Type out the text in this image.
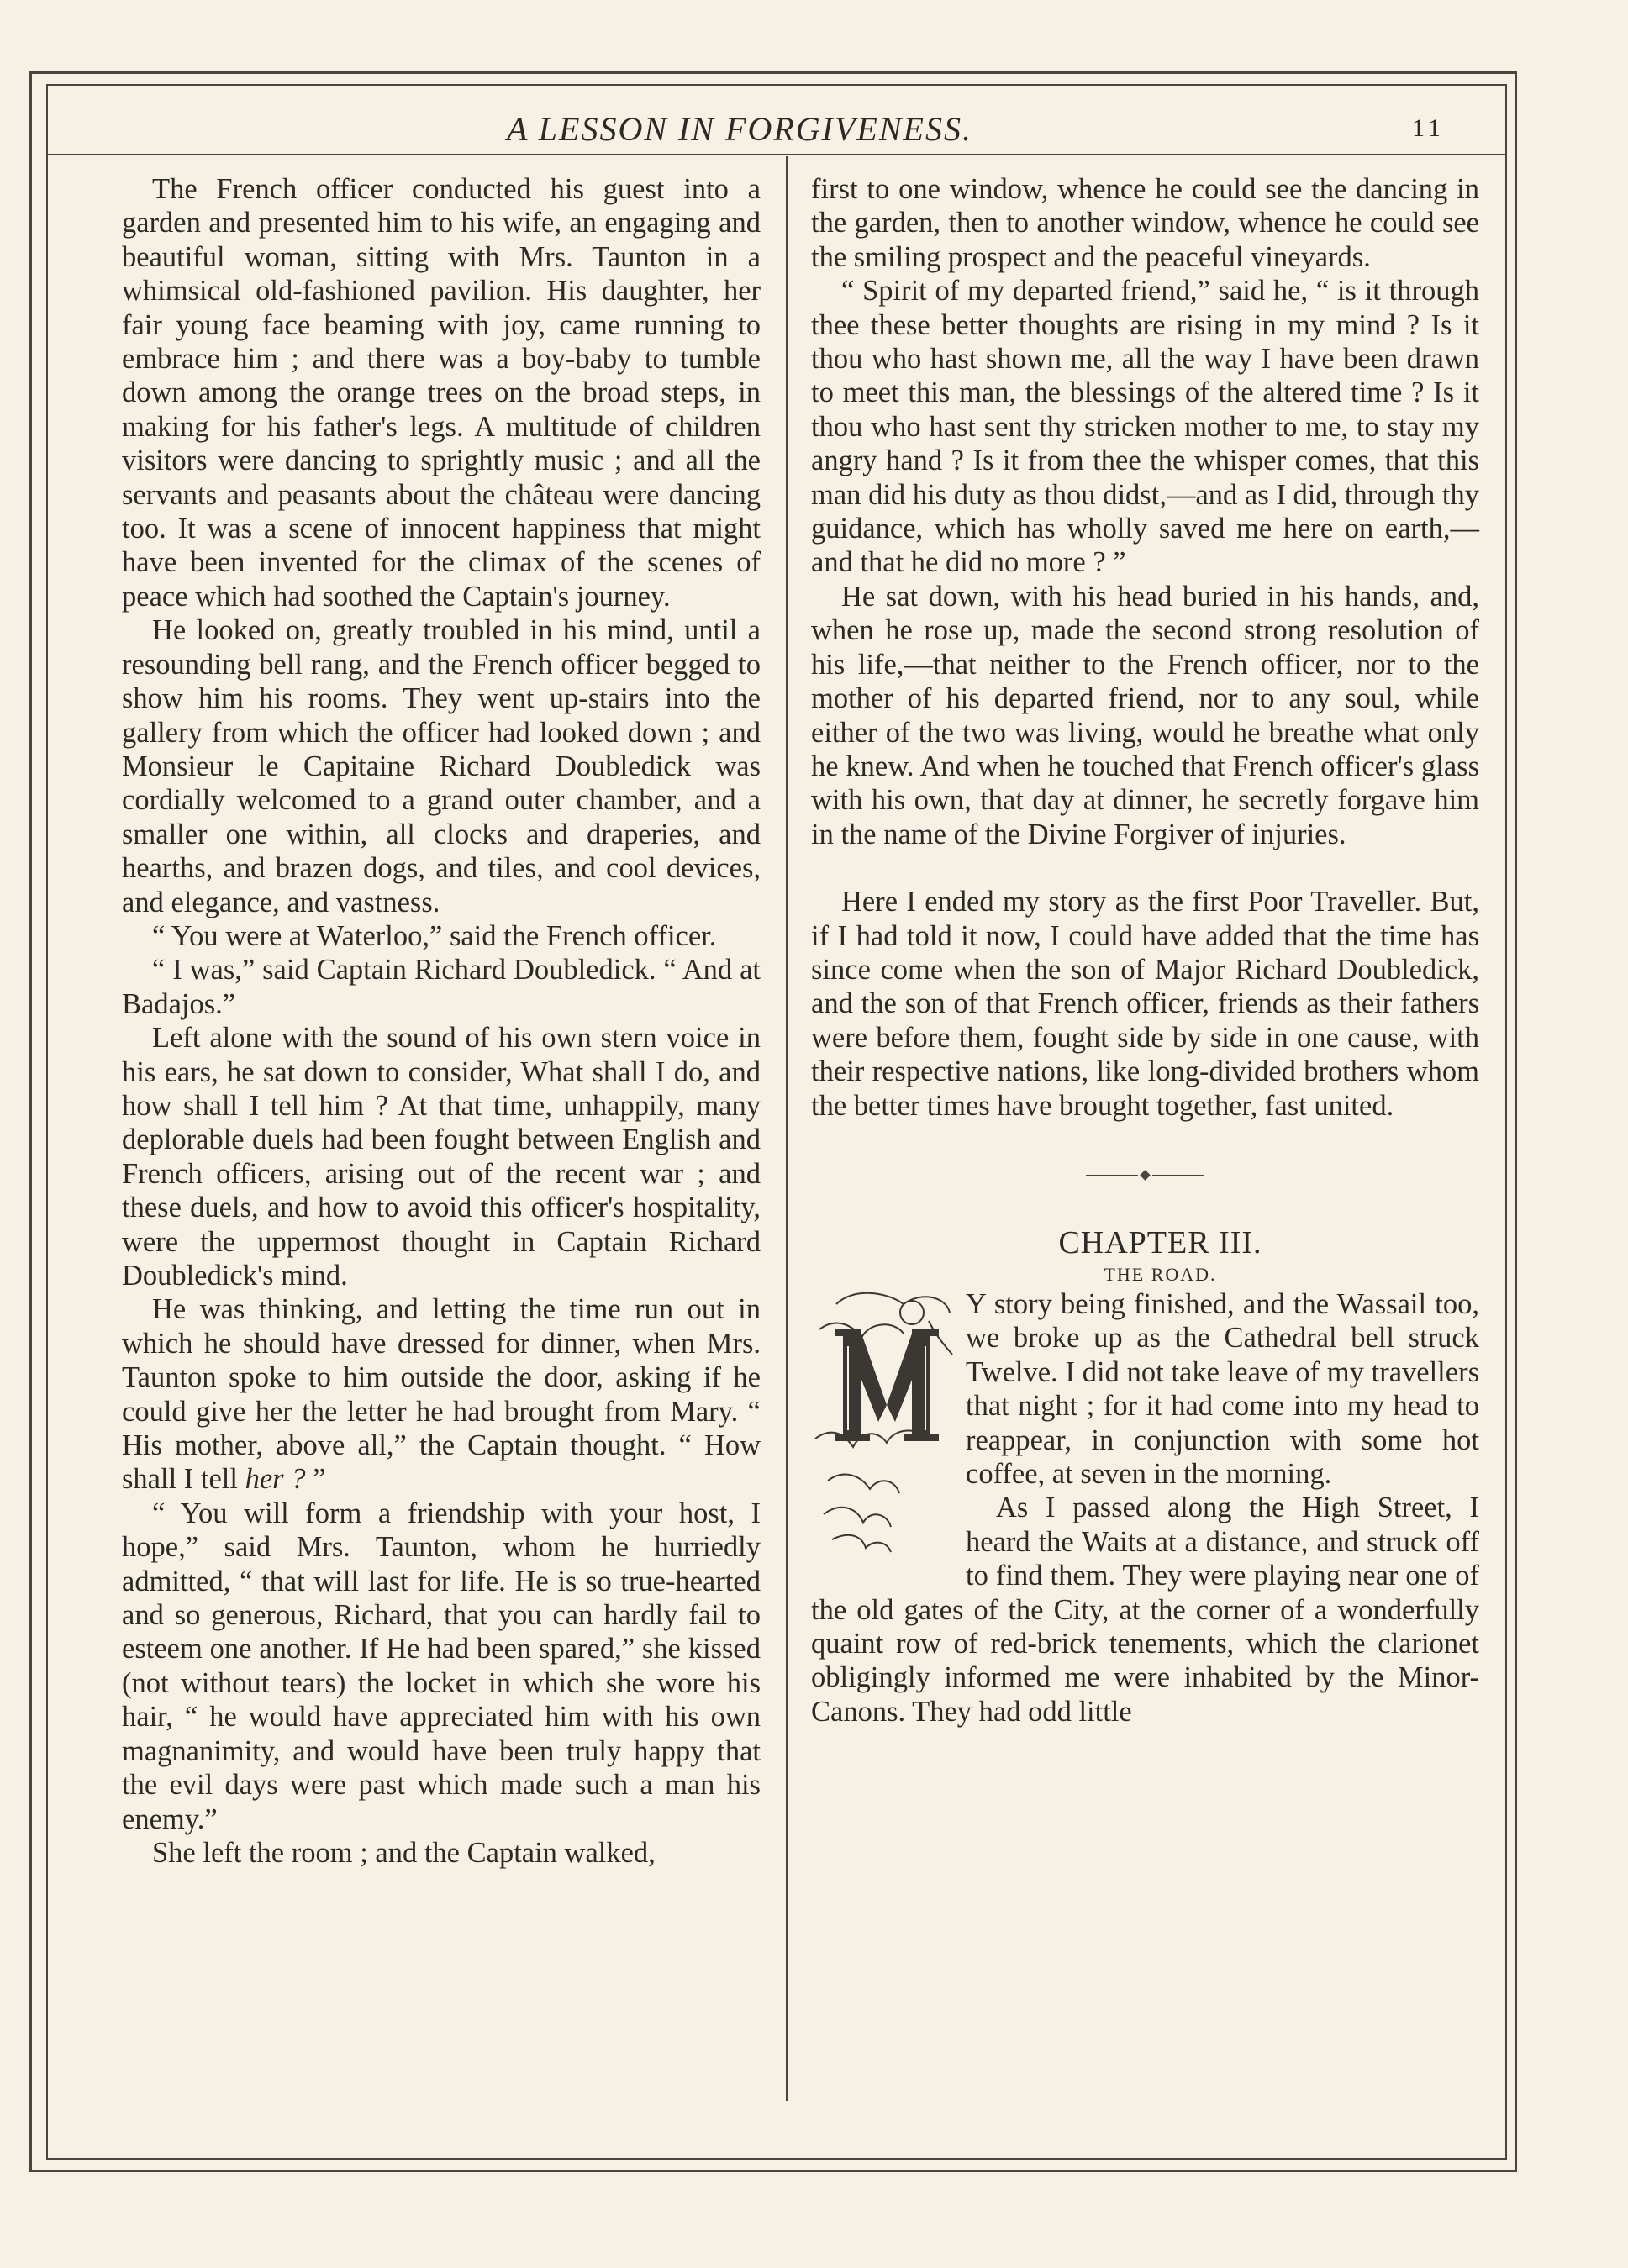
A LESSON IN FORGIVENESS.	11

The French officer conducted his guest into a garden and presented him to his wife, an engaging and beautiful woman, sitting with Mrs. Taunton in a whimsical old-fashioned pavilion. His daughter, her fair young face beaming with joy, came running to embrace him ; and there was a boy-baby to tumble down among the orange trees on the broad steps, in making for his father's legs. A multitude of children visitors were dancing to sprightly music ; and all the servants and peasants about the château were dancing too. It was a scene of innocent happiness that might have been invented for the climax of the scenes of peace which had soothed the Captain's journey.

He looked on, greatly troubled in his mind, until a resounding bell rang, and the French officer begged to show him his rooms. They went up-stairs into the gallery from which the officer had looked down ; and Monsieur le Capitaine Richard Doubledick was cordially welcomed to a grand outer chamber, and a smaller one within, all clocks and draperies, and hearths, and brazen dogs, and tiles, and cool devices, and elegance, and vastness.

“ You were at Waterloo,” said the French officer.

“ I was,” said Captain Richard Doubledick. “ And at Badajos.”

Left alone with the sound of his own stern voice in his ears, he sat down to consider, What shall I do, and how shall I tell him ? At that time, unhappily, many deplorable duels had been fought between English and French officers, arising out of the recent war ; and these duels, and how to avoid this officer's hospitality, were the uppermost thought in Captain Richard Doubledick's mind.

He was thinking, and letting the time run out in which he should have dressed for dinner, when Mrs. Taunton spoke to him outside the door, asking if he could give her the letter he had brought from Mary. “ His mother, above all,” the Captain thought. “ How shall I tell her ? ”

“ You will form a friendship with your host, I hope,” said Mrs. Taunton, whom he hurriedly admitted, “ that will last for life. He is so true-hearted and so generous, Richard, that you can hardly fail to esteem one another. If He had been spared,” she kissed (not without tears) the locket in which she wore his hair, “ he would have appreciated him with his own magnanimity, and would have been truly happy that the evil days were past which made such a man his enemy.”

She left the room ; and the Captain walked,

first to one window, whence he could see the dancing in the garden, then to another window, whence he could see the smiling prospect and the peaceful vineyards.

“ Spirit of my departed friend,” said he, “ is it through thee these better thoughts are rising in my mind ? Is it thou who hast shown me, all the way I have been drawn to meet this man, the blessings of the altered time ? Is it thou who hast sent thy stricken mother to me, to stay my angry hand ? Is it from thee the whisper comes, that this man did his duty as thou didst,—and as I did, through thy guidance, which has wholly saved me here on earth,—and that he did no more ? ”

He sat down, with his head buried in his hands, and, when he rose up, made the second strong resolution of his life,—that neither to the French officer, nor to the mother of his departed friend, nor to any soul, while either of the two was living, would he breathe what only he knew. And when he touched that French officer's glass with his own, that day at dinner, he secretly forgave him in the name of the Divine Forgiver of injuries.

Here I ended my story as the first Poor Traveller. But, if I had told it now, I could have added that the time has since come when the son of Major Richard Doubledick, and the son of that French officer, friends as their fathers were before them, fought side by side in one cause, with their respective nations, like long-divided brothers whom the better times have brought together, fast united.

CHAPTER III.

THE ROAD.

Y story being finished, and the Wassail too, we broke up as the Cathedral bell struck Twelve. I did not take leave of my travellers that night ; for it had come into my head to reappear, in conjunction with some hot coffee, at seven in the morning.

As I passed along the High Street, I heard the Waits at a distance, and struck off to find them. They were playing near one of the old gates of the City, at the corner of a wonderfully quaint row of red-brick tenements, which the clarionet obligingly informed me were inhabited by the Minor-Canons. They had odd little
